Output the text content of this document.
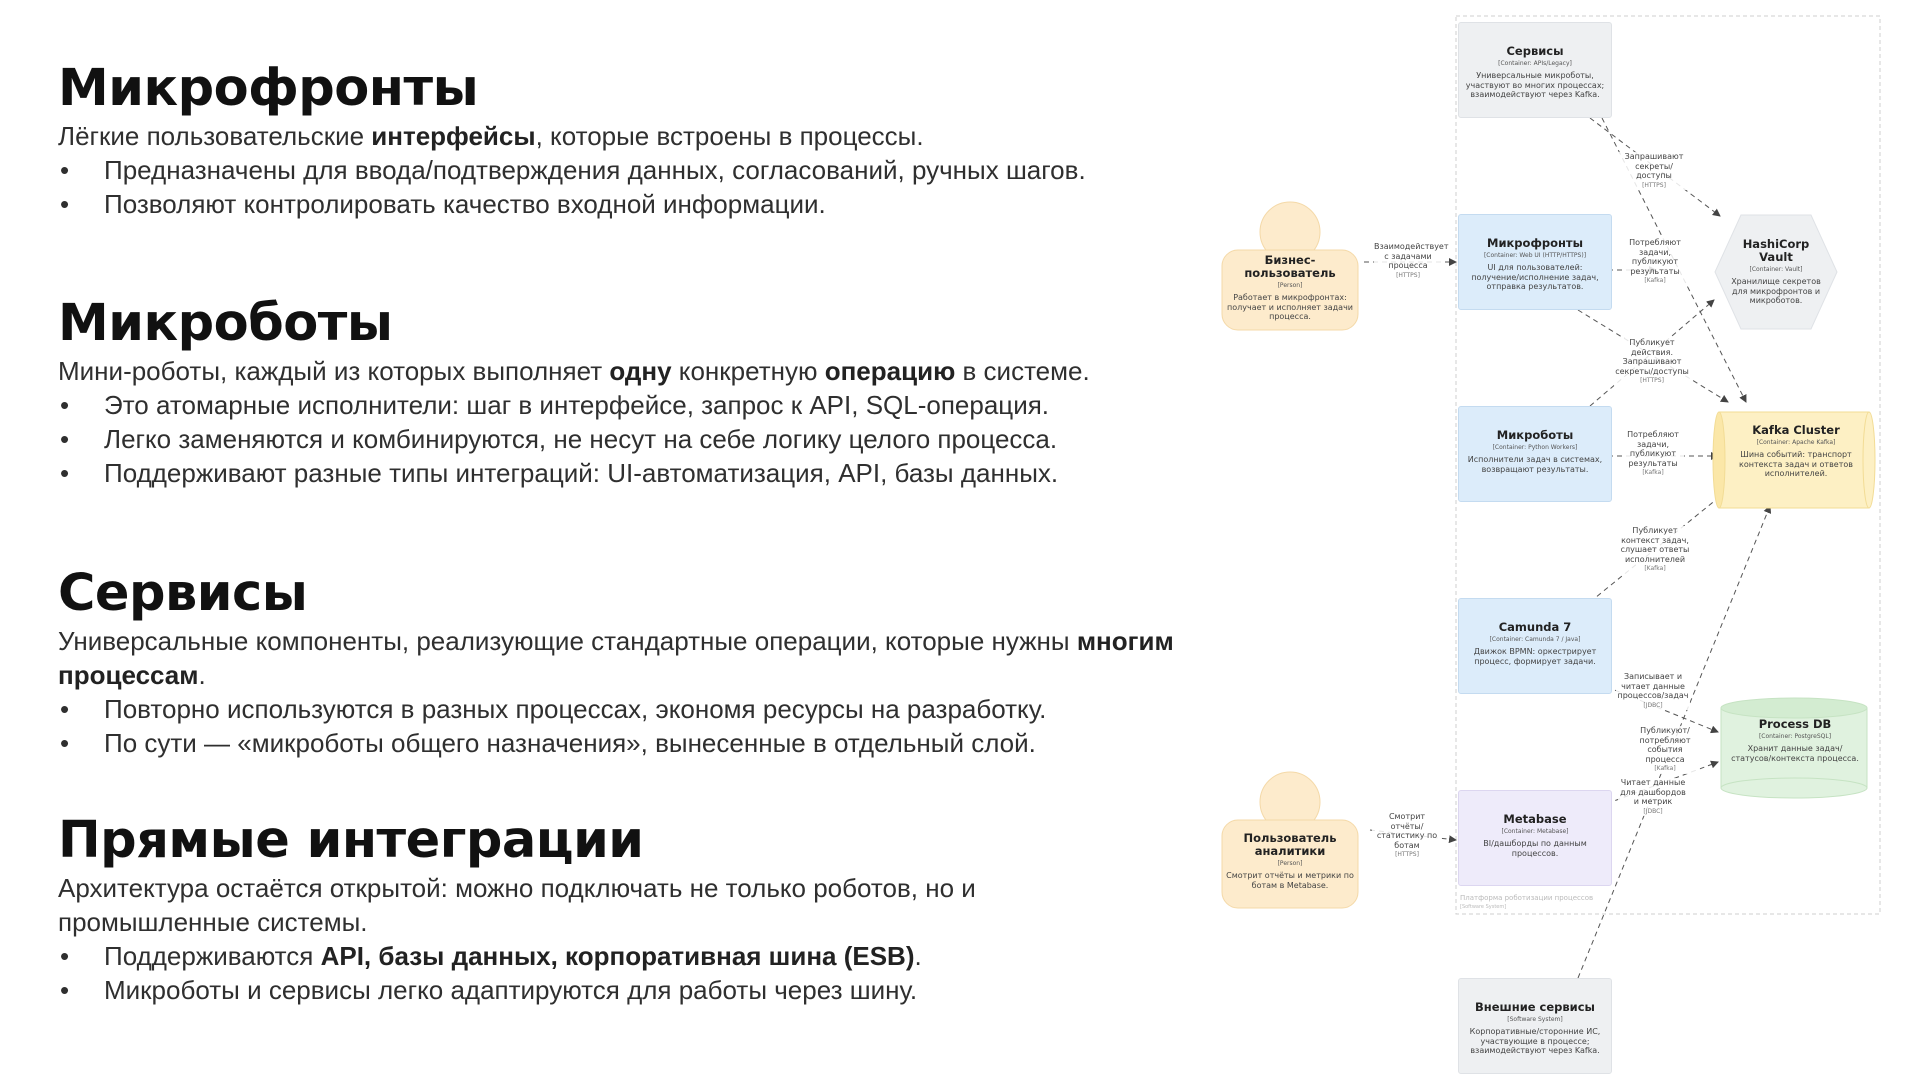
Микрофронты

Лёгкие пользовательские интерфейсы, которые встроены в процессы.

• Предназначены для ввода/подтверждения данных, согласований, ручных шагов.
• Позволяют контролировать качество входной информации.
Микроботы

Мини-роботы, каждый из которых выполняет одну конкретную операцию в системе.

• Это атомарные исполнители: шаг в интерфейсе, запрос к API, SQL-операция.
• Легко заменяются и комбинируются, не несут на себе логику целого процесса.
• Поддерживают разные типы интеграций: UI-автоматизация, API, базы данных.
Сервисы

Универсальные компоненты, реализующие стандартные операции, которые нужны многим процессам.

• Повторно используются в разных процессах, экономя ресурсы на разработку.
• По сути — «микроботы общего назначения», вынесенные в отдельный слой.
Прямые интеграции

Архитектура остаётся открытой: можно подключать не только роботов, но и промышленные системы.

• Поддерживаются API, базы данных, корпоративная шина (ESB).
• Микроботы и сервисы легко адаптируются для работы через шину.
Платформа роботизации процессов
[Software System]
Сервисы
[Container: APIs/Legacy]
Универсальные микроботы, участвуют во многих процессах; взаимодействуют через Kafka.
Микрофронты
[Container: Web UI (HTTP/HTTPS)]
UI для пользователей: получение/исполнение задач, отправка результатов.
Микроботы
[Container: Python Workers]
Исполнители задач в системах, возвращают результаты.
Camunda 7
[Container: Camunda 7 / Java]
Движок BPMN: оркестрирует процесс, формирует задачи.
Metabase
[Container: Metabase]
BI/дашборды по данным процессов.
Внешние сервисы
[Software System]
Корпоративные/сторонние ИС, участвующие в процессе; взаимодействуют через Kafka.
HashiCorp Vault
[Container: Vault]
Хранилище секретов для микрофронтов и микроботов.
Kafka Cluster
[Container: Apache Kafka]
Шина событий: транспорт контекста задач и ответов исполнителей.
Process DB
[Container: PostgreSQL]
Хранит данные задач/статусов/контекста процесса.
Бизнес-пользователь
[Person]
Работает в микрофронтах: получает и исполняет задачи процесса.
Пользователь аналитики
[Person]
Смотрит отчёты и метрики по ботам в Metabase.
Взаимодействует с задачами процесса
[HTTPS]
Запрашивают секреты/доступы
[HTTPS]
Потребляют задачи, публикуют результаты
[Kafka]
Публикует действия. Запрашивают секреты/доступы
[HTTPS]
Потребляют задачи, публикуют результаты
[Kafka]
Публикует контекст задач, слушает ответы исполнителей
[Kafka]
Записывает и читает данные процессов/задач
[JDBC]
Публикуют/потребляют события процесса
[Kafka]
Читает данные для дашбордов и метрик
[JDBC]
Смотрит отчёты/статистику по ботам
[HTTPS]
